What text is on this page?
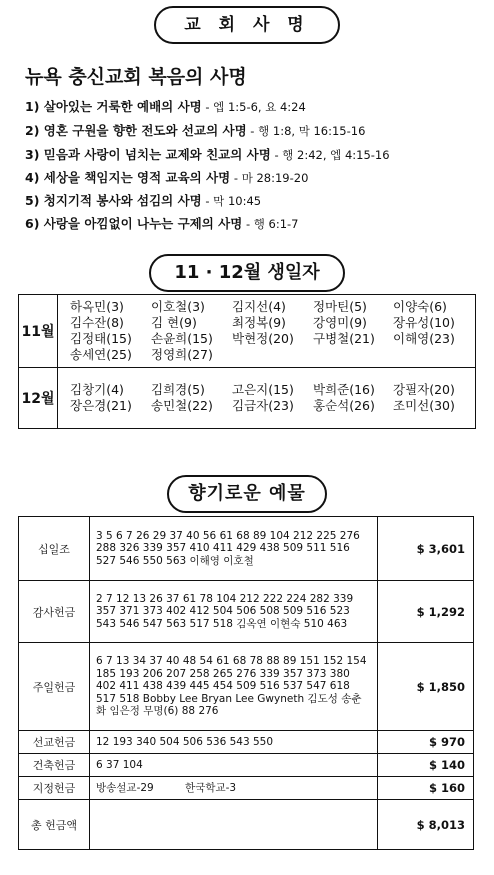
교 회 사 명
뉴욕 충신교회 복음의 사명
1) 살아있는 거룩한 예배의 사명 - 엡 1:5-6, 요 4:24
2) 영혼 구원을 향한 전도와 선교의 사명 - 행 1:8, 막 16:15-16
3) 믿음과 사랑이 넘치는 교제와 친교의 사명 - 행 2:42, 엡 4:15-16
4) 세상을 책임지는 영적 교육의 사명 - 마 28:19-20
5) 청지기적 봉사와 섬김의 사명 - 막 10:45
6) 사랑을 아낌없이 나누는 구제의 사명 - 행 6:1-7
11 · 12월 생일자
11월
하옥민(3)	이호철(3)	김지선(4)	정마틴(5)	이양숙(6)
김수잔(8)	김 현(9)	최정복(9)	강영미(9)	장유성(10)
김정태(15)	손윤희(15)	박현정(20)	구병철(21)	이해영(23)
송세연(25)	정영희(27)
12월
김창기(4)	김희경(5)	고은지(15)	박희준(16)	강필자(20)
장은경(21)	송민철(22)	김금자(23)	홍순석(26)	조미선(30)
향기로운 예물
십일조	3 5 6 7 26 29 37 40 56 61 68 89 104 212 225 276 288 326 339 357 410 411 429 438 509 511 516 527 546 550 563 이해영 이호철	$ 3,601
감사헌금	2 7 12 13 26 37 61 78 104 212 222 224 282 339 357 371 373 402 412 504 506 508 509 516 523 543 546 547 563 517 518 김옥연 이현숙 510 463	$ 1,292
주일헌금	6 7 13 34 37 40 48 54 61 68 78 88 89 151 152 154 185 193 206 207 258 265 276 339 357 373 380 402 411 438 439 445 454 509 516 537 547 618 517 518 Bobby Lee Bryan Lee Gwyneth 김도성 송춘화 임은정 무명(6) 88 276	$ 1,850
선교헌금	12 193 340 504 506 536 543 550	$ 970
건축헌금	6 37 104	$ 140
지정헌금	방송설교-29 한국학교-3	$ 160
총 헌금액		$ 8,013
